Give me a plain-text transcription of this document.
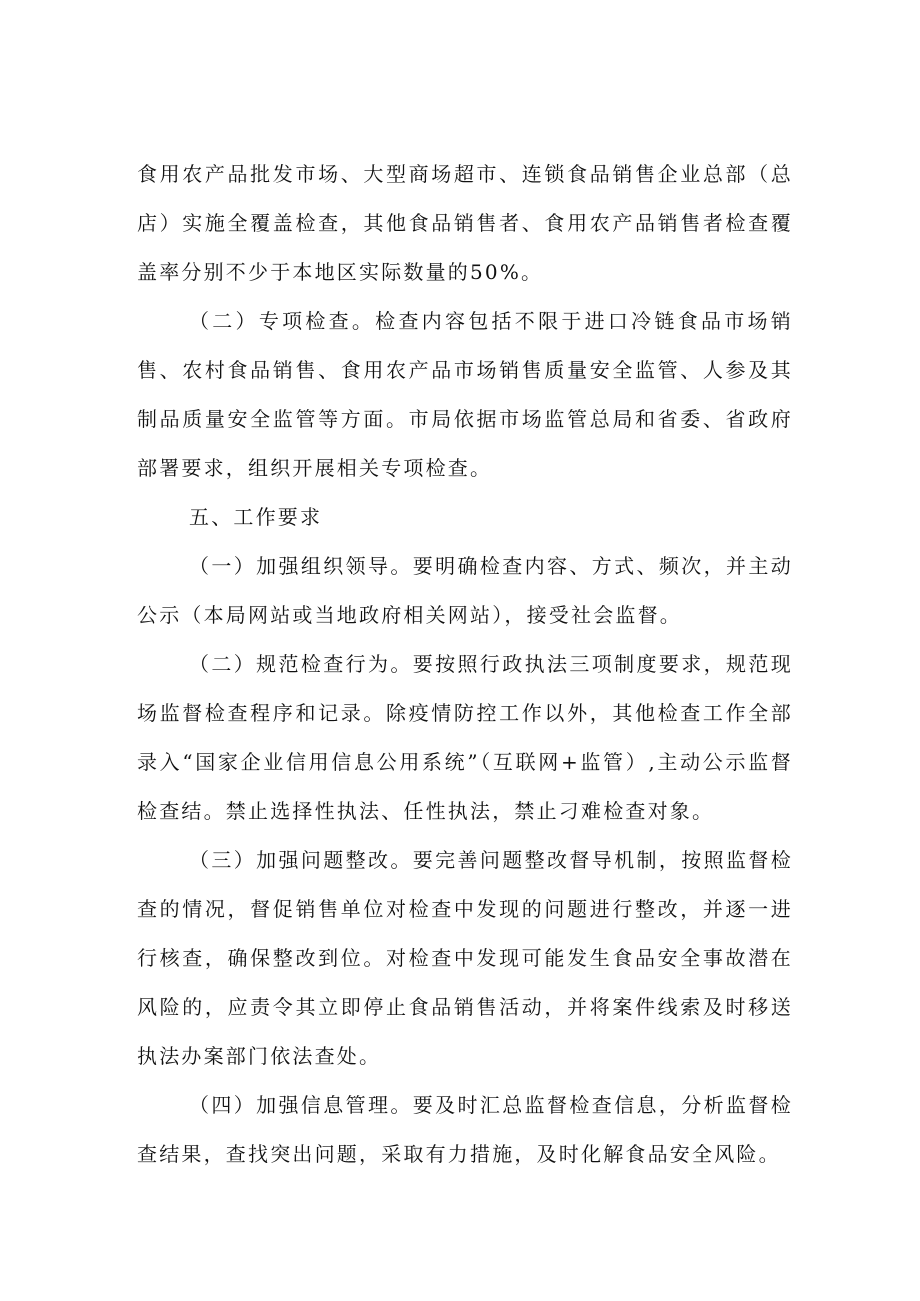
食用农产品批发市场、大型商场超市、连锁食品销售企业总部（总店）实施全覆盖检查，其他食品销售者、食用农产品销售者检查覆盖率分别不少于本地区实际数量的50%。

（二）专项检查。检查内容包括不限于进口冷链食品市场销售、农村食品销售、食用农产品市场销售质量安全监管、人参及其制品质量安全监管等方面。市局依据市场监管总局和省委、省政府部署要求，组织开展相关专项检查。

五、工作要求

（一）加强组织领导。要明确检查内容、方式、频次，并主动公示（本局网站或当地政府相关网站），接受社会监督。

（二）规范检查行为。要按照行政执法三项制度要求，规范现场监督检查程序和记录。除疫情防控工作以外，其他检查工作全部录入“国家企业信用信息公用系统”（互联网+监管）,主动公示监督检查结。禁止选择性执法、任性执法，禁止刁难检查对象。

（三）加强问题整改。要完善问题整改督导机制，按照监督检查的情况，督促销售单位对检查中发现的问题进行整改，并逐一进行核查，确保整改到位。对检查中发现可能发生食品安全事故潜在风险的，应责令其立即停止食品销售活动，并将案件线索及时移送执法办案部门依法查处。

（四）加强信息管理。要及时汇总监督检查信息，分析监督检查结果，查找突出问题，采取有力措施，及时化解食品安全风险。
